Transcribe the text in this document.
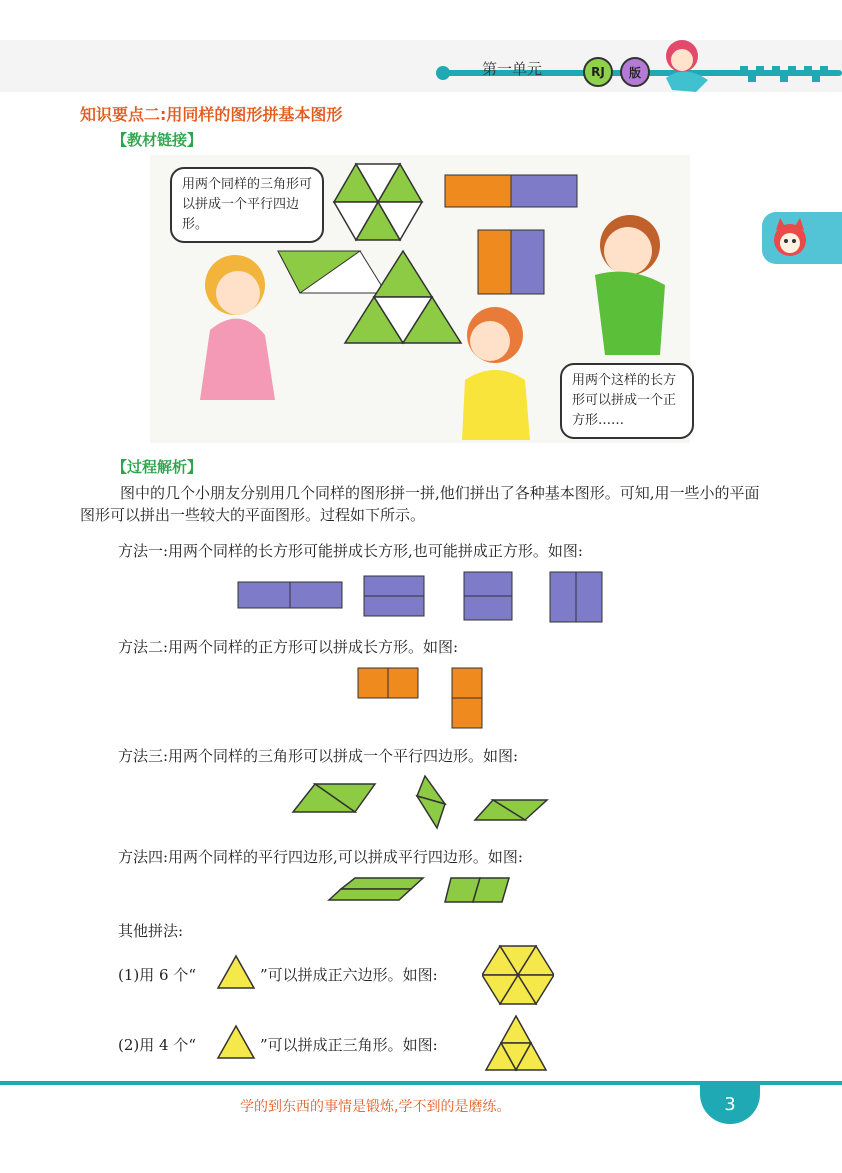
第一单元	RJ	版
知识要点二:用同样的图形拼基本图形
【教材链接】
用两个同样的三角形可以拼成一个平行四边形。
用两个这样的长方形可以拼成一个正方形……
【过程解析】
图中的几个小朋友分别用几个同样的图形拼一拼,他们拼出了各种基本图形。可知,用一些小的平面图形可以拼出一些较大的平面图形。过程如下所示。
方法一:用两个同样的长方形可能拼成长方形,也可能拼成正方形。如图:
方法二:用两个同样的正方形可以拼成长方形。如图:
方法三:用两个同样的三角形可以拼成一个平行四边形。如图:
方法四:用两个同样的平行四边形,可以拼成平行四边形。如图:
其他拼法:
(1)用 6 个“	”可以拼成正六边形。如图:
(2)用 4 个“	”可以拼成正三角形。如图:
学的到东西的事情是锻炼,学不到的是磨练。	3
